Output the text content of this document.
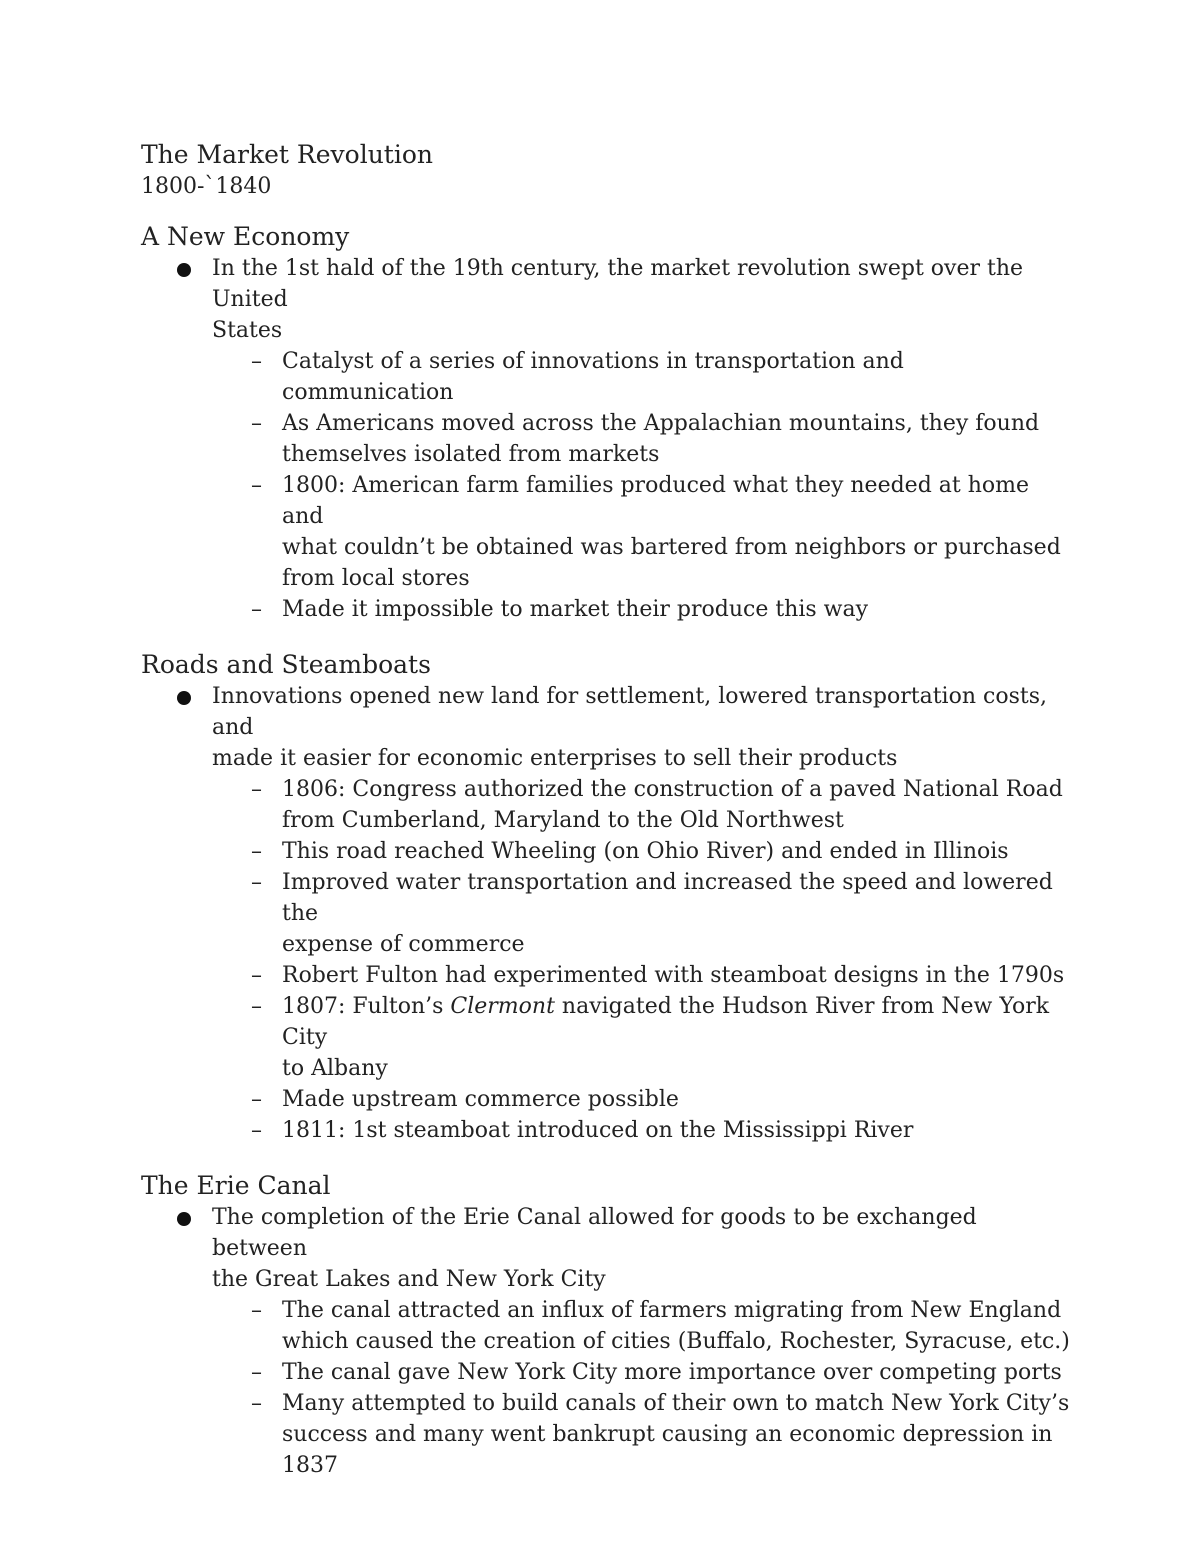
The Market Revolution
1800-`1840
A New Economy
In the 1st hald of the 19th century, the market revolution swept over the United
States
– Catalyst of a series of innovations in transportation and communication
– As Americans moved across the Appalachian mountains, they found
themselves isolated from markets
– 1800: American farm families produced what they needed at home and
what couldn’t be obtained was bartered from neighbors or purchased
from local stores
– Made it impossible to market their produce this way
Roads and Steamboats
Innovations opened new land for settlement, lowered transportation costs, and
made it easier for economic enterprises to sell their products
– 1806: Congress authorized the construction of a paved National Road
from Cumberland, Maryland to the Old Northwest
– This road reached Wheeling (on Ohio River) and ended in Illinois
– Improved water transportation and increased the speed and lowered the
expense of commerce
– Robert Fulton had experimented with steamboat designs in the 1790s
– 1807: Fulton’s Clermont navigated the Hudson River from New York City
to Albany
– Made upstream commerce possible
– 1811: 1st steamboat introduced on the Mississippi River
The Erie Canal
The completion of the Erie Canal allowed for goods to be exchanged between
the Great Lakes and New York City
– The canal attracted an influx of farmers migrating from New England
which caused the creation of cities (Buffalo, Rochester, Syracuse, etc.)
– The canal gave New York City more importance over competing ports
– Many attempted to build canals of their own to match New York City’s
success and many went bankrupt causing an economic depression in
1837
